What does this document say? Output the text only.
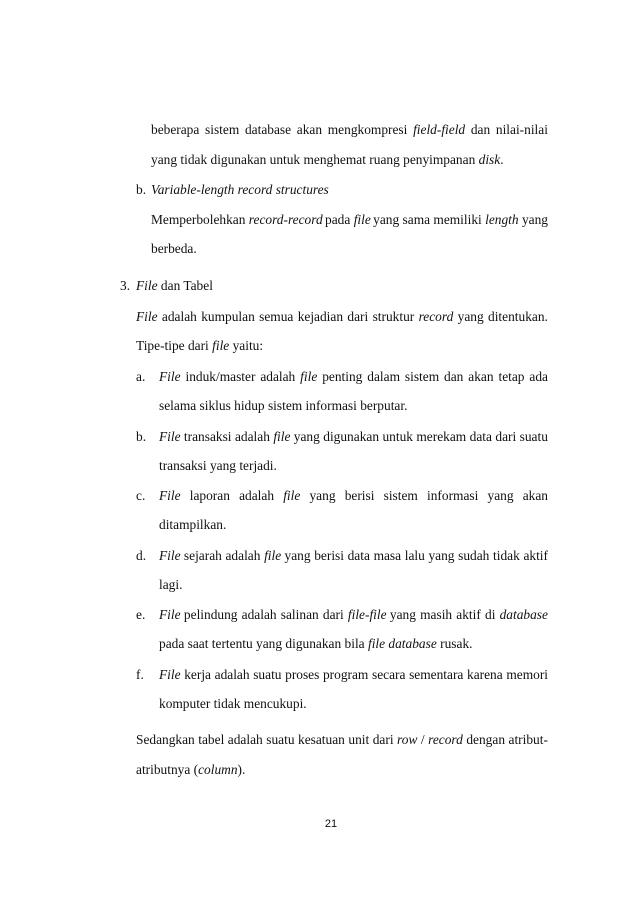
beberapa sistem database akan mengkompresi field-field dan nilai-nilai
yang tidak digunakan untuk menghemat ruang penyimpanan disk.
b. Variable-length record structures
Memperbolehkan record-record pada file yang sama memiliki length yang
berbeda.
3. File dan Tabel
File adalah kumpulan semua kejadian dari struktur record yang ditentukan.
Tipe-tipe dari file yaitu:
a. File induk/master adalah file penting dalam sistem dan akan tetap ada
selama siklus hidup sistem informasi berputar.
b. File transaksi adalah file yang digunakan untuk merekam data dari suatu
transaksi yang terjadi.
c. File laporan adalah file yang berisi sistem informasi yang akan
ditampilkan.
d. File sejarah adalah file yang berisi data masa lalu yang sudah tidak aktif
lagi.
e. File pelindung adalah salinan dari file-file yang masih aktif di database
pada saat tertentu yang digunakan bila file database rusak.
f. File kerja adalah suatu proses program secara sementara karena memori
komputer tidak mencukupi.
Sedangkan tabel adalah suatu kesatuan unit dari row / record dengan atribut-
atributnya (column).
21
